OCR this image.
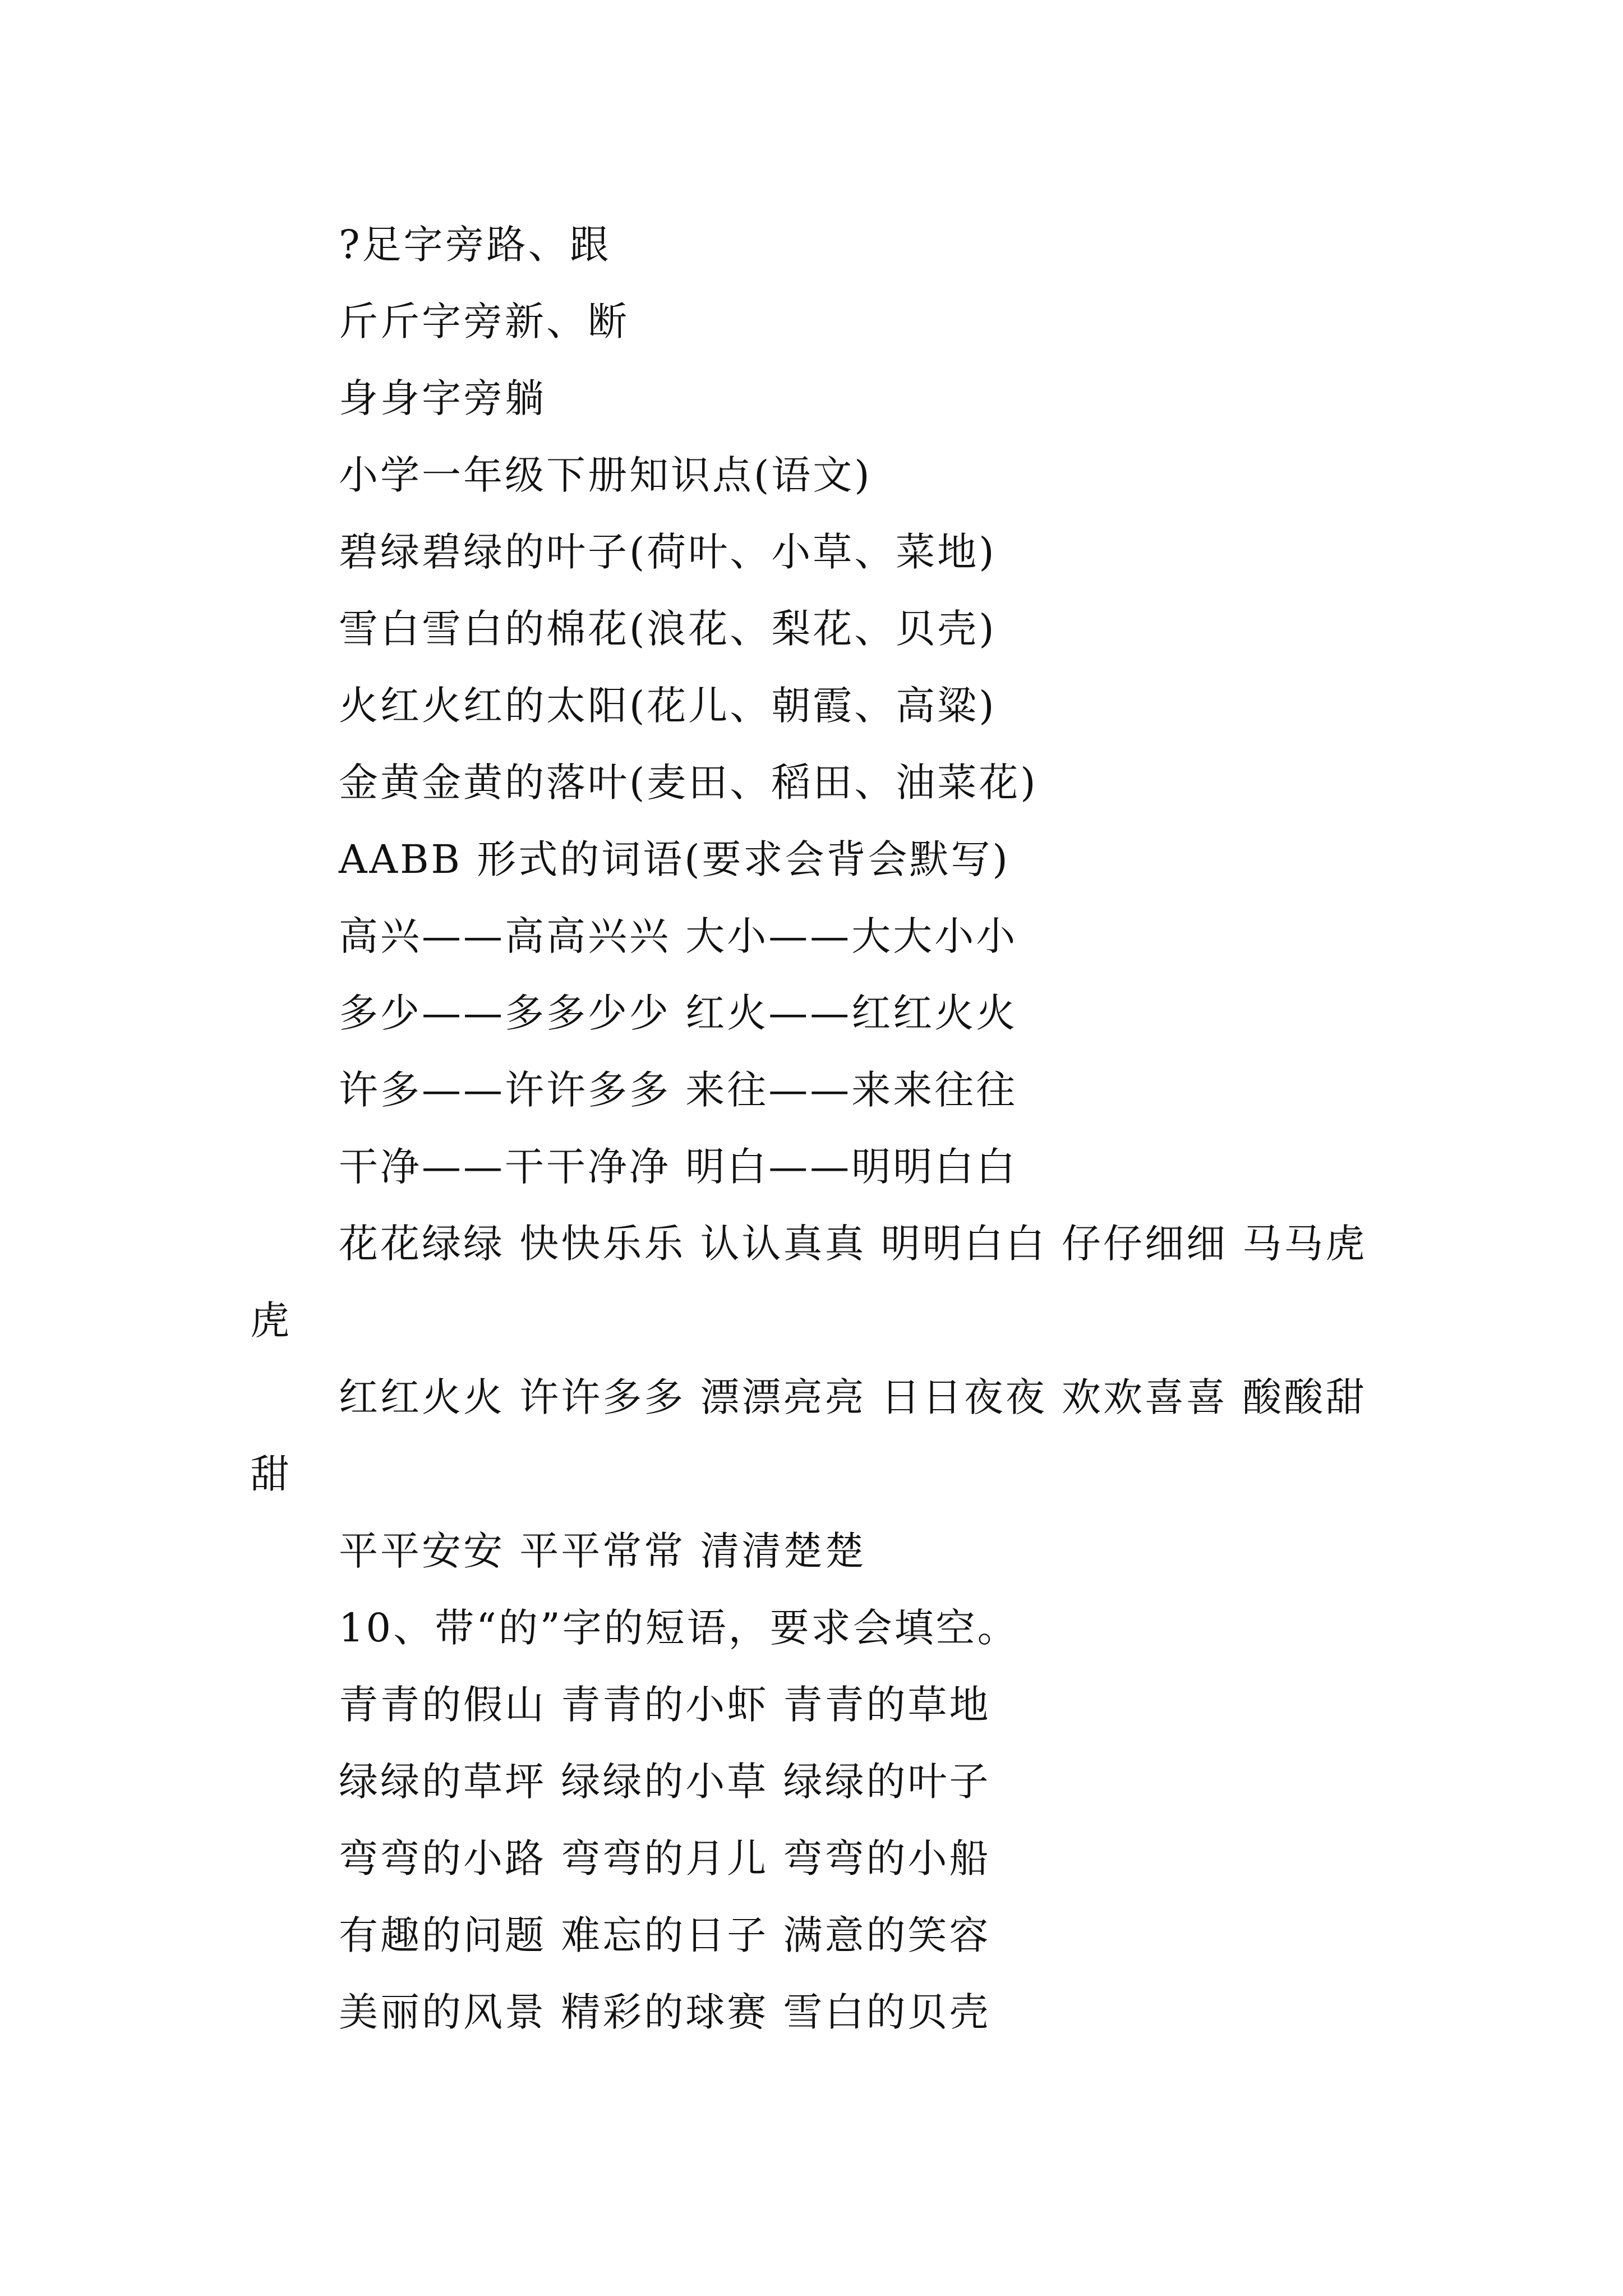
?足字旁路、跟
斤斤字旁新、断
身身字旁躺
小学一年级下册知识点(语文)
碧绿碧绿的叶子(荷叶、小草、菜地)
雪白雪白的棉花(浪花、梨花、贝壳)
火红火红的太阳(花儿、朝霞、高粱)
金黄金黄的落叶(麦田、稻田、油菜花)
AABB 形式的词语(要求会背会默写)
高兴——高高兴兴 大小——大大小小
多少——多多少少 红火——红红火火
许多——许许多多 来往——来来往往
干净——干干净净 明白——明明白白
花花绿绿 快快乐乐 认认真真 明明白白 仔仔细细 马马虎虎
红红火火 许许多多 漂漂亮亮 日日夜夜 欢欢喜喜 酸酸甜甜
平平安安 平平常常 清清楚楚
10、带“的”字的短语，要求会填空。
青青的假山 青青的小虾 青青的草地
绿绿的草坪 绿绿的小草 绿绿的叶子
弯弯的小路 弯弯的月儿 弯弯的小船
有趣的问题 难忘的日子 满意的笑容
美丽的风景 精彩的球赛 雪白的贝壳
